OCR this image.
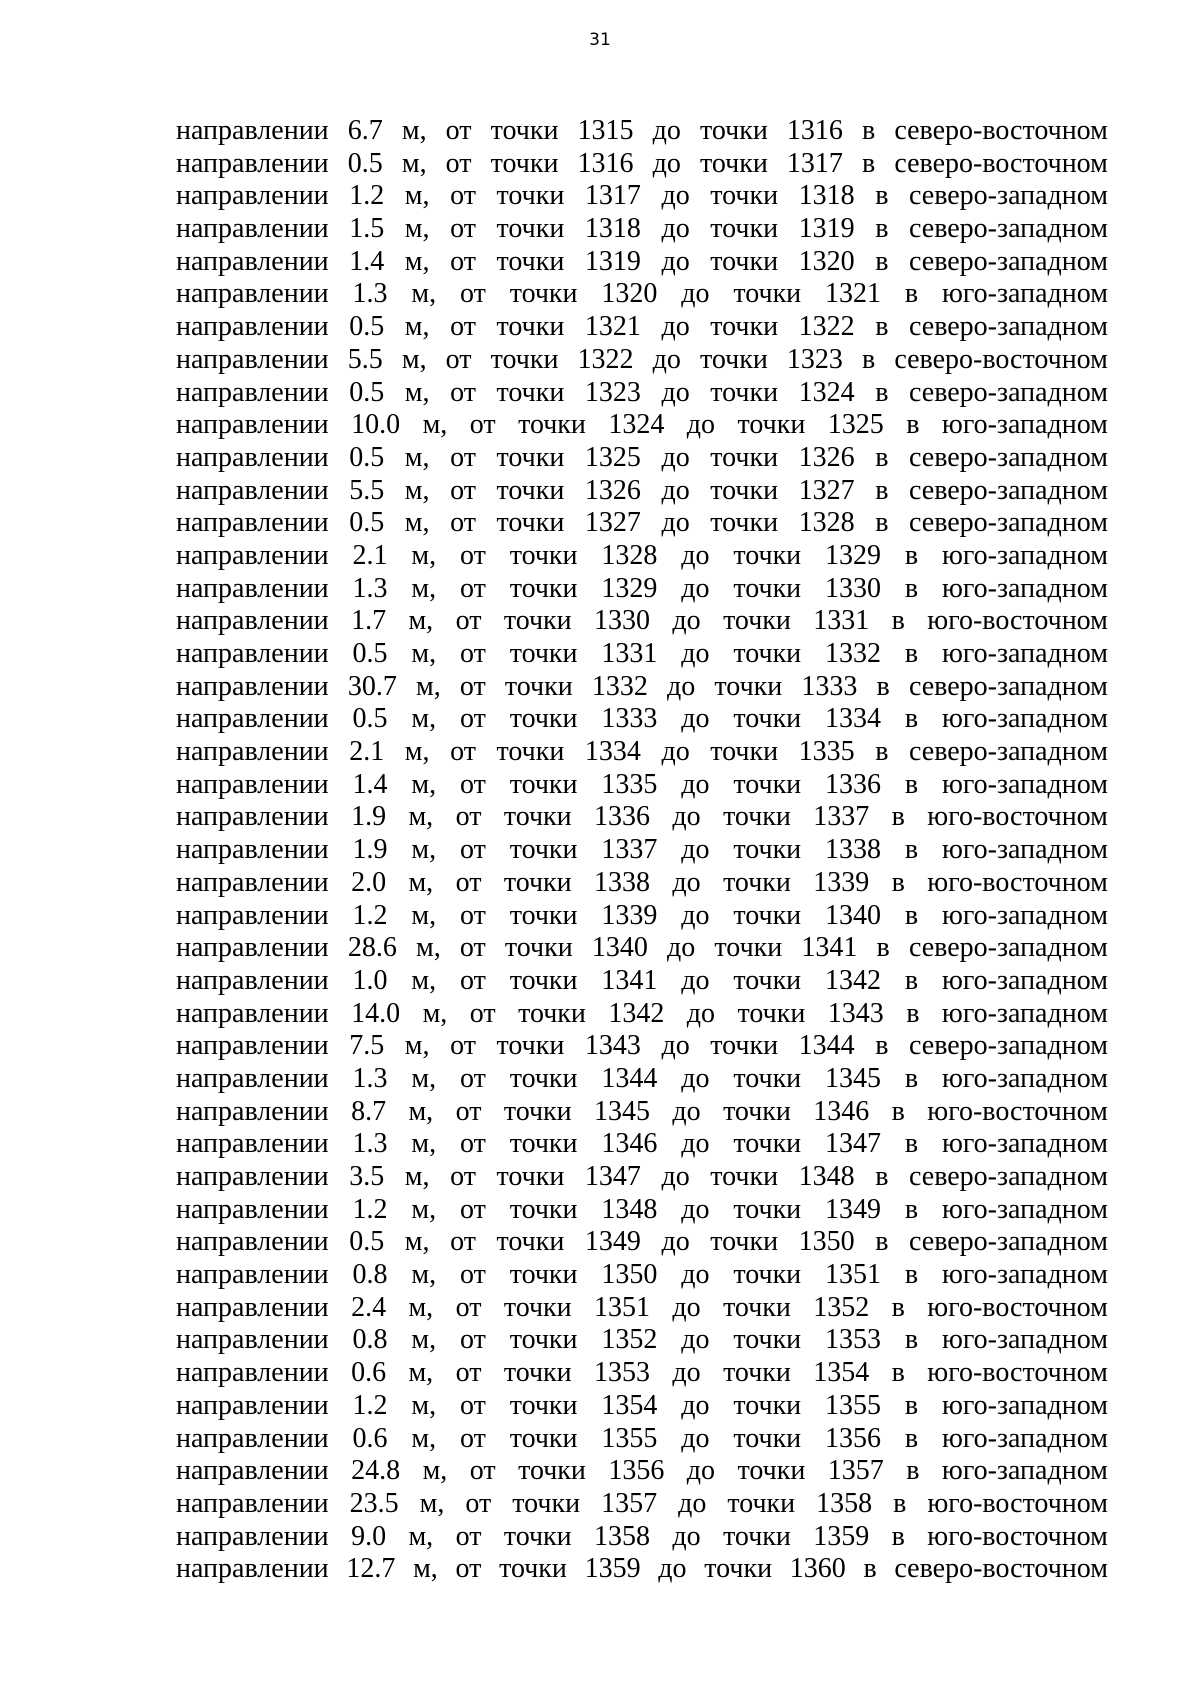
31
направлении 6.7 м, от точки 1315 до точки 1316 в северо-восточном
направлении 0.5 м, от точки 1316 до точки 1317 в северо-восточном
направлении 1.2 м, от точки 1317 до точки 1318 в северо-западном
направлении 1.5 м, от точки 1318 до точки 1319 в северо-западном
направлении 1.4 м, от точки 1319 до точки 1320 в северо-западном
направлении 1.3 м, от точки 1320 до точки 1321 в юго-западном
направлении 0.5 м, от точки 1321 до точки 1322 в северо-западном
направлении 5.5 м, от точки 1322 до точки 1323 в северо-восточном
направлении 0.5 м, от точки 1323 до точки 1324 в северо-западном
направлении 10.0 м, от точки 1324 до точки 1325 в юго-западном
направлении 0.5 м, от точки 1325 до точки 1326 в северо-западном
направлении 5.5 м, от точки 1326 до точки 1327 в северо-западном
направлении 0.5 м, от точки 1327 до точки 1328 в северо-западном
направлении 2.1 м, от точки 1328 до точки 1329 в юго-западном
направлении 1.3 м, от точки 1329 до точки 1330 в юго-западном
направлении 1.7 м, от точки 1330 до точки 1331 в юго-восточном
направлении 0.5 м, от точки 1331 до точки 1332 в юго-западном
направлении 30.7 м, от точки 1332 до точки 1333 в северо-западном
направлении 0.5 м, от точки 1333 до точки 1334 в юго-западном
направлении 2.1 м, от точки 1334 до точки 1335 в северо-западном
направлении 1.4 м, от точки 1335 до точки 1336 в юго-западном
направлении 1.9 м, от точки 1336 до точки 1337 в юго-восточном
направлении 1.9 м, от точки 1337 до точки 1338 в юго-западном
направлении 2.0 м, от точки 1338 до точки 1339 в юго-восточном
направлении 1.2 м, от точки 1339 до точки 1340 в юго-западном
направлении 28.6 м, от точки 1340 до точки 1341 в северо-западном
направлении 1.0 м, от точки 1341 до точки 1342 в юго-западном
направлении 14.0 м, от точки 1342 до точки 1343 в юго-западном
направлении 7.5 м, от точки 1343 до точки 1344 в северо-западном
направлении 1.3 м, от точки 1344 до точки 1345 в юго-западном
направлении 8.7 м, от точки 1345 до точки 1346 в юго-восточном
направлении 1.3 м, от точки 1346 до точки 1347 в юго-западном
направлении 3.5 м, от точки 1347 до точки 1348 в северо-западном
направлении 1.2 м, от точки 1348 до точки 1349 в юго-западном
направлении 0.5 м, от точки 1349 до точки 1350 в северо-западном
направлении 0.8 м, от точки 1350 до точки 1351 в юго-западном
направлении 2.4 м, от точки 1351 до точки 1352 в юго-восточном
направлении 0.8 м, от точки 1352 до точки 1353 в юго-западном
направлении 0.6 м, от точки 1353 до точки 1354 в юго-восточном
направлении 1.2 м, от точки 1354 до точки 1355 в юго-западном
направлении 0.6 м, от точки 1355 до точки 1356 в юго-западном
направлении 24.8 м, от точки 1356 до точки 1357 в юго-западном
направлении 23.5 м, от точки 1357 до точки 1358 в юго-восточном
направлении 9.0 м, от точки 1358 до точки 1359 в юго-восточном
направлении 12.7 м, от точки 1359 до точки 1360 в северо-восточном
